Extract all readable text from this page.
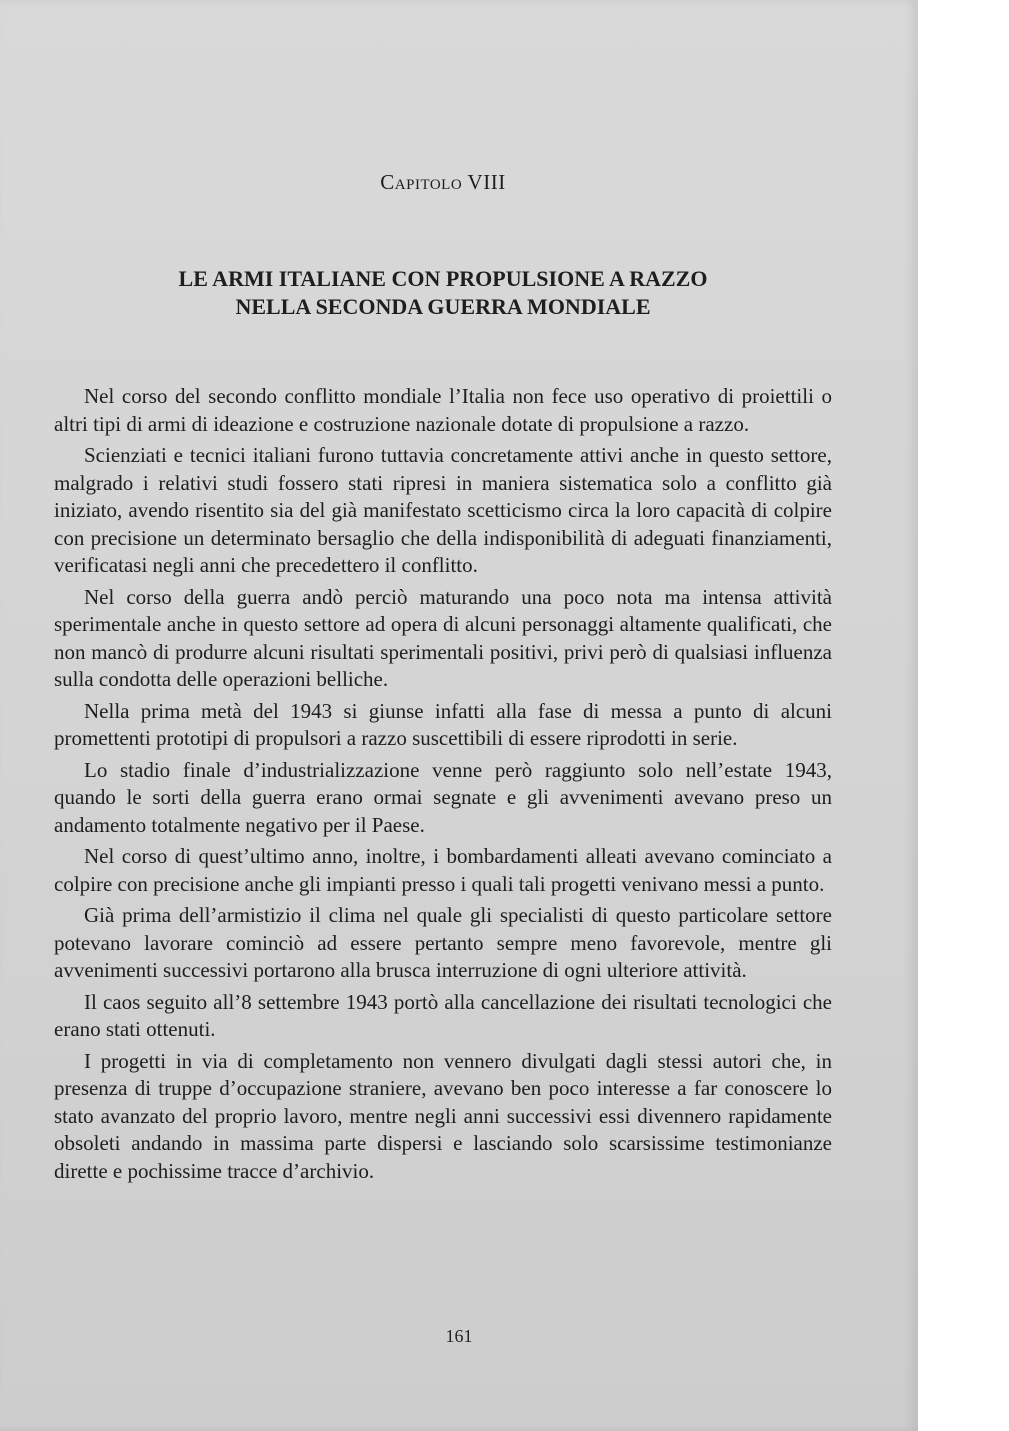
Capitolo VIII
LE ARMI ITALIANE CON PROPULSIONE A RAZZO
NELLA SECONDA GUERRA MONDIALE

Nel corso del secondo conflitto mondiale l’Italia non fece uso operativo di proiettili o altri tipi di armi di ideazione e costruzione nazionale dotate di propulsione a razzo.

Scienziati e tecnici italiani furono tuttavia concretamente attivi anche in questo settore, malgrado i relativi studi fossero stati ripresi in maniera sistematica solo a conflitto già iniziato, avendo risentito sia del già manifestato scetticismo circa la loro capacità di colpire con precisione un determinato bersaglio che della indisponibilità di adeguati finanziamenti, verificatasi negli anni che precedettero il conflitto.

Nel corso della guerra andò perciò maturando una poco nota ma intensa attività sperimentale anche in questo settore ad opera di alcuni personaggi altamente qualificati, che non mancò di produrre alcuni risultati sperimentali positivi, privi però di qualsiasi influenza sulla condotta delle operazioni belliche.

Nella prima metà del 1943 si giunse infatti alla fase di messa a punto di alcuni promettenti prototipi di propulsori a razzo suscettibili di essere riprodotti in serie.

Lo stadio finale d’industrializzazione venne però raggiunto solo nell’estate 1943, quando le sorti della guerra erano ormai segnate e gli avvenimenti avevano preso un andamento totalmente negativo per il Paese.

Nel corso di quest’ultimo anno, inoltre, i bombardamenti alleati avevano cominciato a colpire con precisione anche gli impianti presso i quali tali progetti venivano messi a punto.

Già prima dell’armistizio il clima nel quale gli specialisti di questo particolare settore potevano lavorare cominciò ad essere pertanto sempre meno favorevole, mentre gli avvenimenti successivi portarono alla brusca interruzione di ogni ulteriore attività.

Il caos seguito all’8 settembre 1943 portò alla cancellazione dei risultati tecnologici che erano stati ottenuti.

I progetti in via di completamento non vennero divulgati dagli stessi autori che, in presenza di truppe d’occupazione straniere, avevano ben poco interesse a far conoscere lo stato avanzato del proprio lavoro, mentre negli anni successivi essi divennero rapidamente obsoleti andando in massima parte dispersi e lasciando solo scarsissime testimonianze dirette e pochissime tracce d’archivio.

161
